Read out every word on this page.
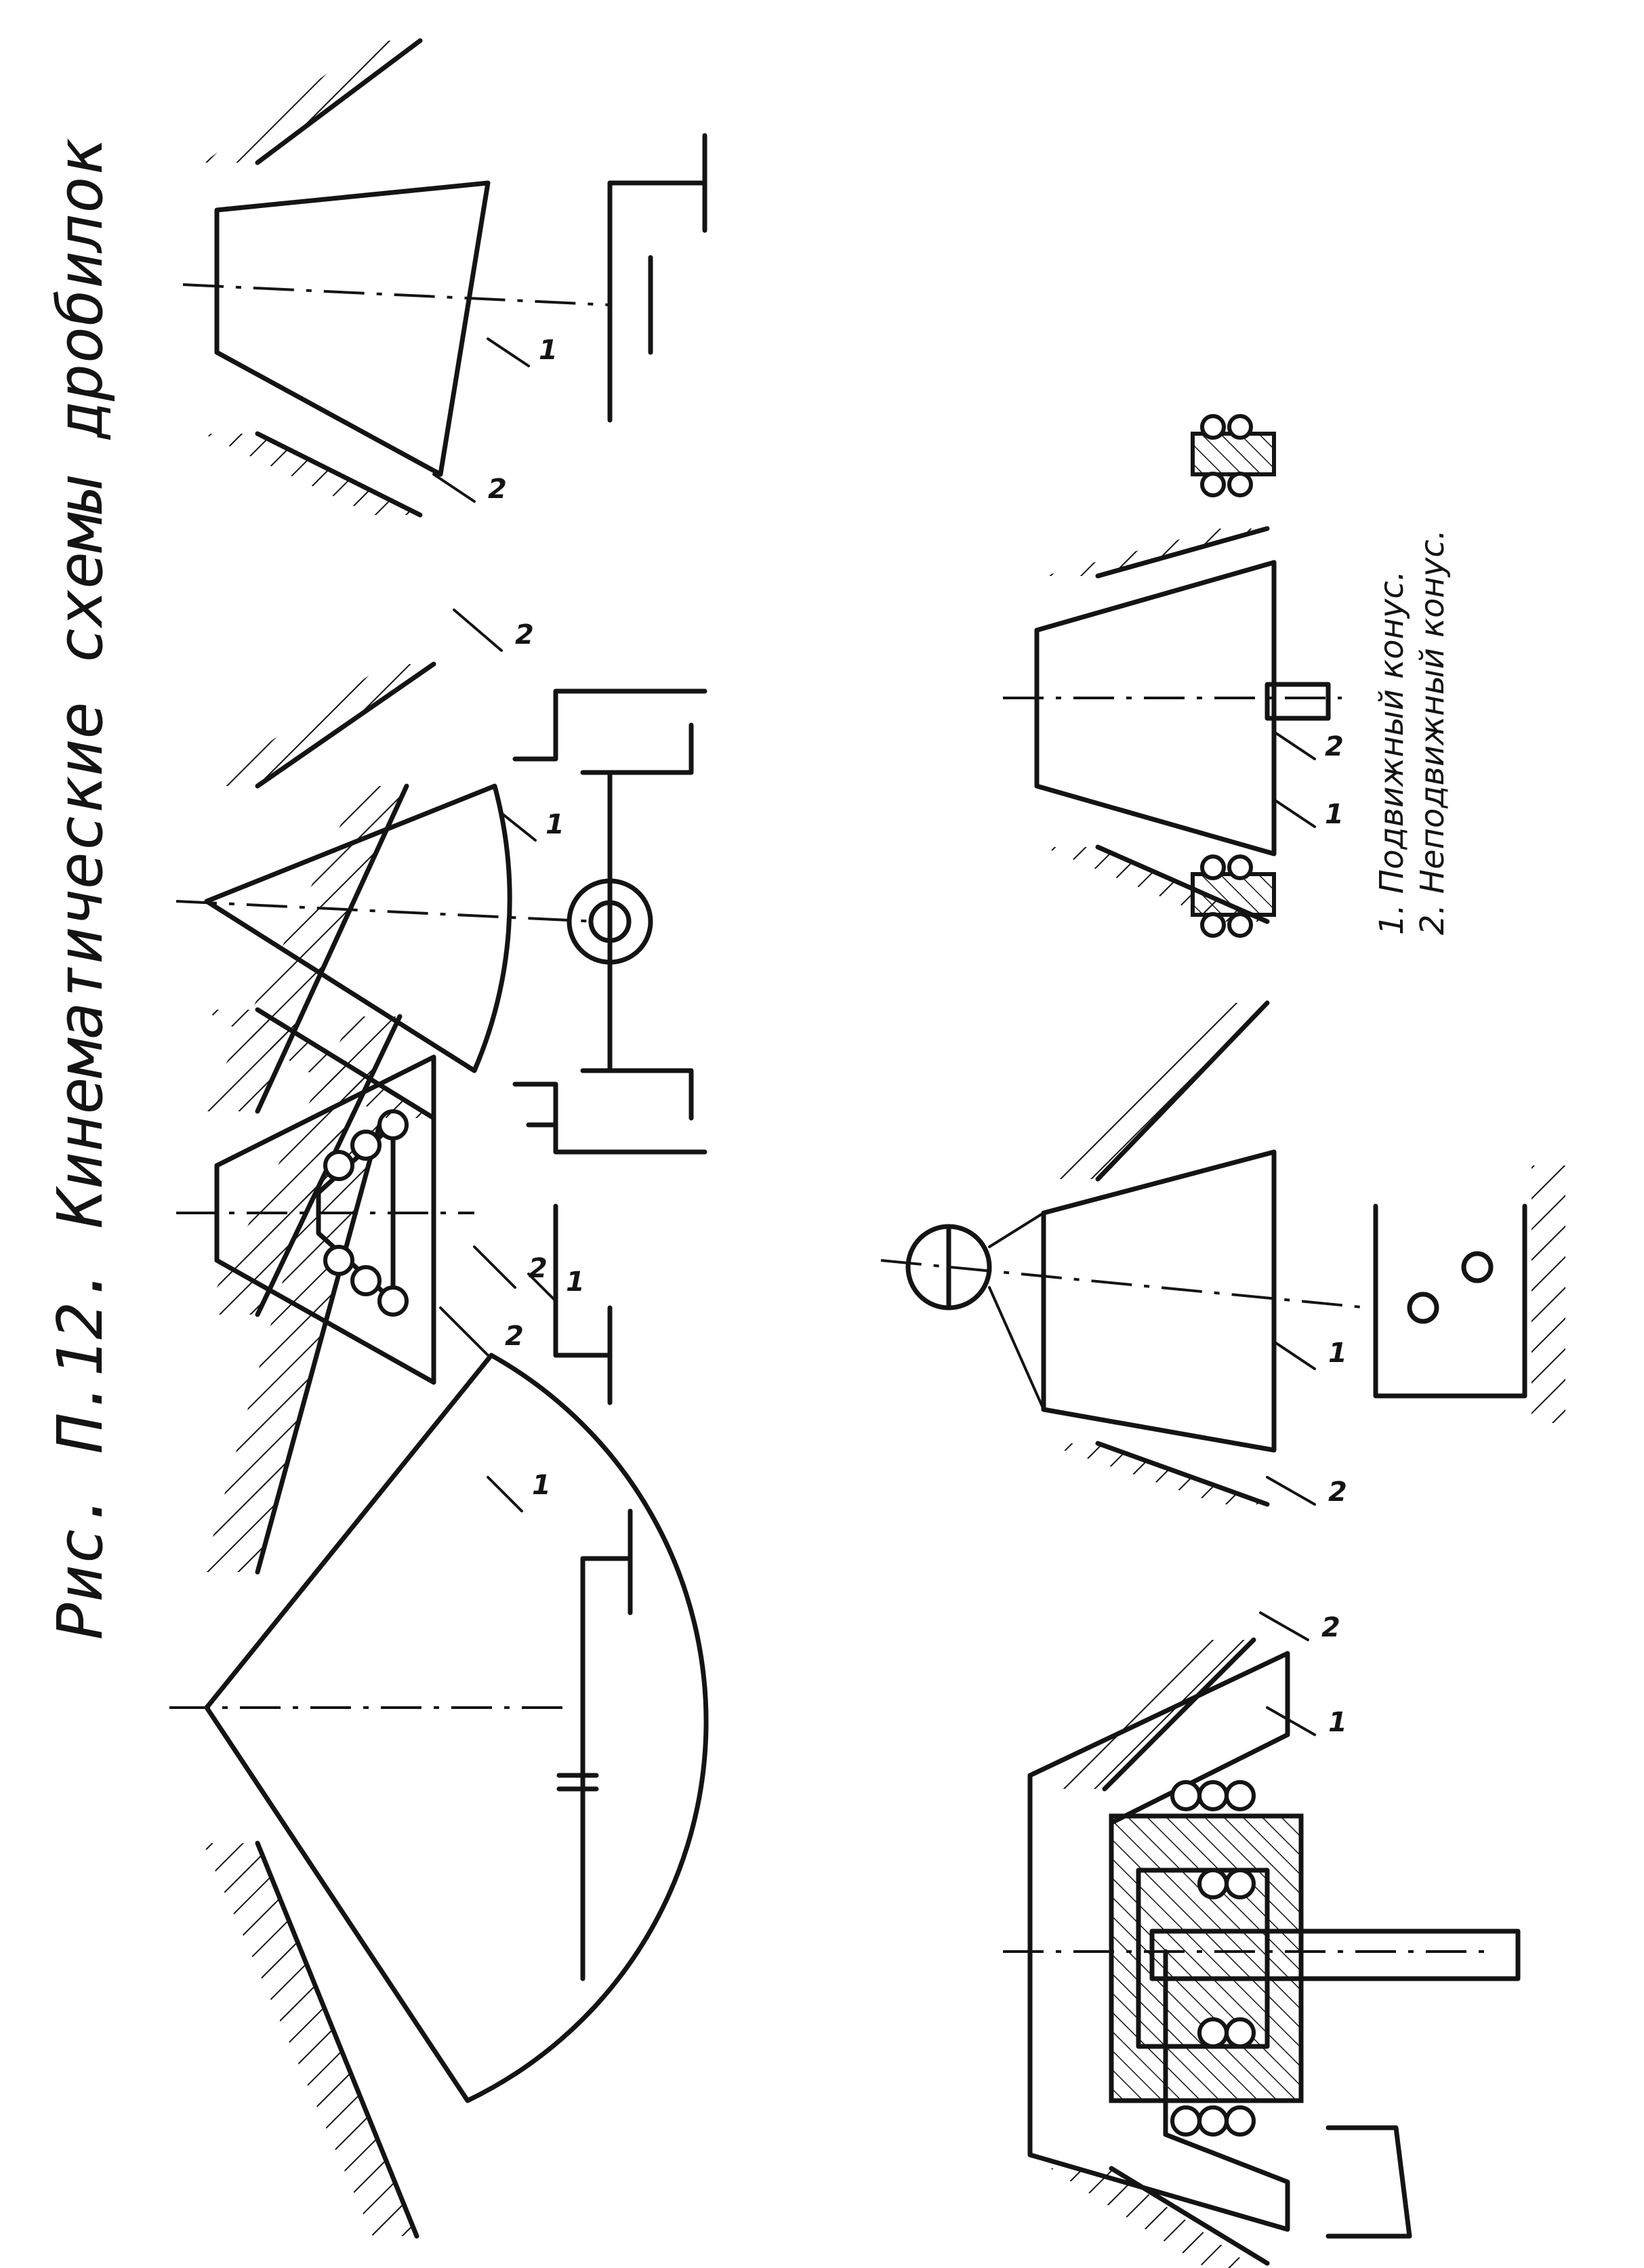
Рис. П.12. Кинематические схемы дробилок	1
2
1
2
1
2
1
2
1
2
1
2
1
2 1. Подвижный конус. 2. Неподвижный конус.
